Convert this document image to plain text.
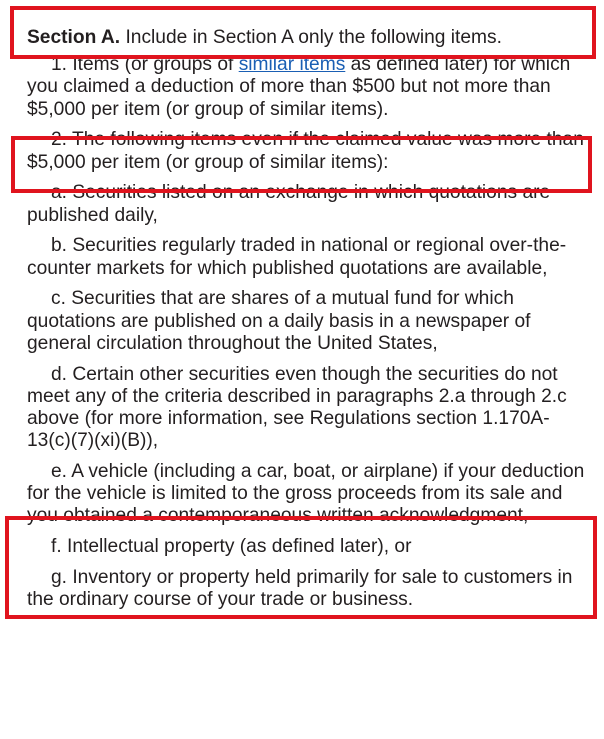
Section A. Include in Section A only the following items.

1. Items (or groups of similar items as defined later) for which you claimed a deduction of more than $500 but not more than $5,000 per item (or group of similar items).

2. The following items even if the claimed value was more than $5,000 per item (or group of similar items):

a. Securities listed on an exchange in which quotations are published daily,

b. Securities regularly traded in national or regional over-the-counter markets for which published quotations are available,

c. Securities that are shares of a mutual fund for which quotations are published on a daily basis in a newspaper of general circulation throughout the United States,

d. Certain other securities even though the securities do not meet any of the criteria described in paragraphs 2.a through 2.c above (for more information, see Regulations section 1.170A-13(c)(7)(xi)(B)),

e. A vehicle (including a car, boat, or airplane) if your deduction for the vehicle is limited to the gross proceeds from its sale and you obtained a contemporaneous written acknowledgment,

f. Intellectual property (as defined later), or

g. Inventory or property held primarily for sale to customers in the ordinary course of your trade or business.
